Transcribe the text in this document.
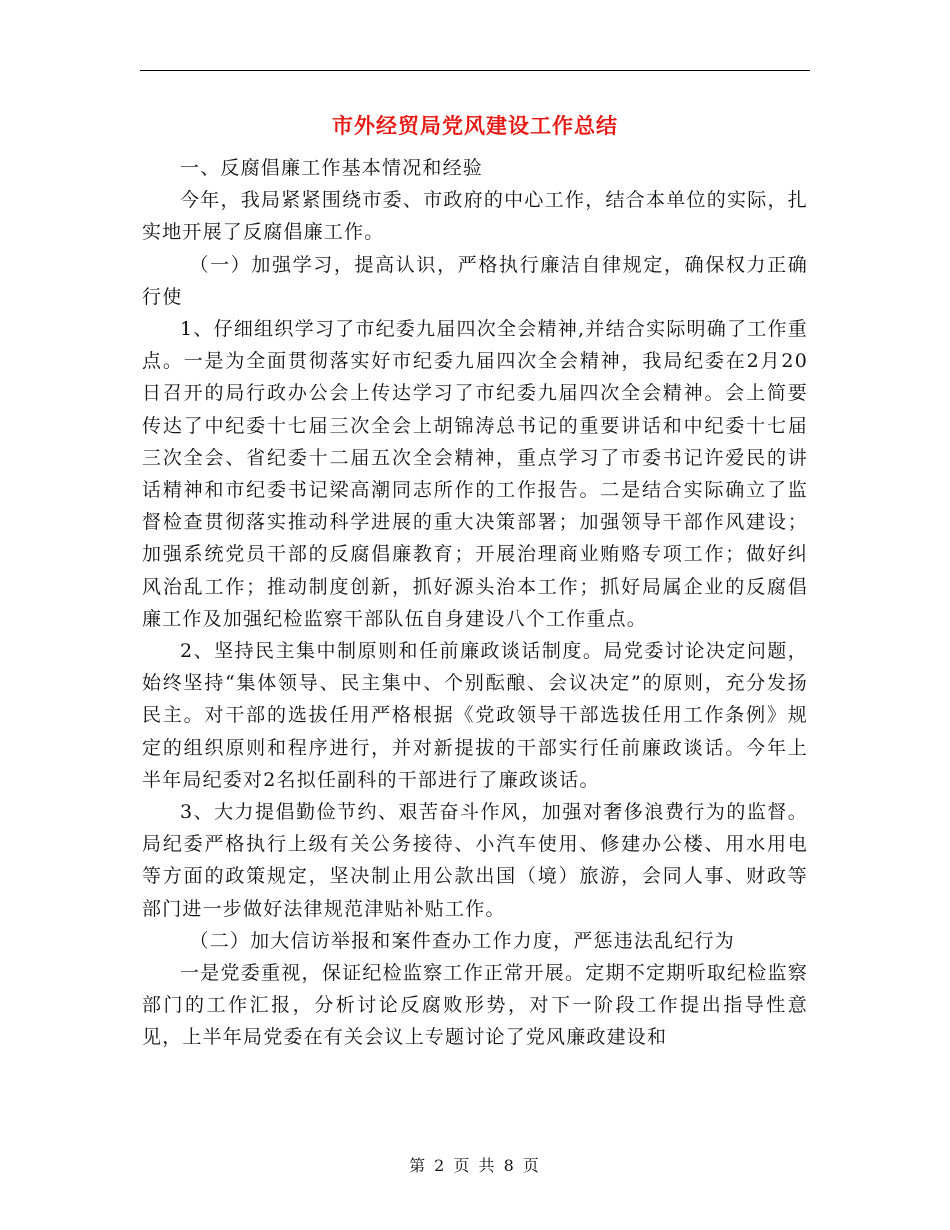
市外经贸局党风建设工作总结

一、反腐倡廉工作基本情况和经验

今年，我局紧紧围绕市委、市政府的中心工作，结合本单位的实际，扎实地开展了反腐倡廉工作。

（一）加强学习，提高认识，严格执行廉洁自律规定，确保权力正确行使

1、仔细组织学习了市纪委九届四次全会精神,并结合实际明确了工作重点。一是为全面贯彻落实好市纪委九届四次全会精神，我局纪委在2月20日召开的局行政办公会上传达学习了市纪委九届四次全会精神。会上简要传达了中纪委十七届三次全会上胡锦涛总书记的重要讲话和中纪委十七届三次全会、省纪委十二届五次全会精神，重点学习了市委书记许爱民的讲话精神和市纪委书记梁高潮同志所作的工作报告。二是结合实际确立了监督检查贯彻落实推动科学进展的重大决策部署；加强领导干部作风建设；加强系统党员干部的反腐倡廉教育；开展治理商业贿赂专项工作；做好纠风治乱工作；推动制度创新，抓好源头治本工作；抓好局属企业的反腐倡廉工作及加强纪检监察干部队伍自身建设八个工作重点。

2、坚持民主集中制原则和任前廉政谈话制度。局党委讨论决定问题，始终坚持“集体领导、民主集中、个别酝酿、会议决定”的原则，充分发扬民主。对干部的选拔任用严格根据《党政领导干部选拔任用工作条例》规定的组织原则和程序进行，并对新提拔的干部实行任前廉政谈话。今年上半年局纪委对2名拟任副科的干部进行了廉政谈话。

3、大力提倡勤俭节约、艰苦奋斗作风，加强对奢侈浪费行为的监督。局纪委严格执行上级有关公务接待、小汽车使用、修建办公楼、用水用电等方面的政策规定，坚决制止用公款出国（境）旅游，会同人事、财政等部门进一步做好法律规范津贴补贴工作。

（二）加大信访举报和案件查办工作力度，严惩违法乱纪行为

一是党委重视，保证纪检监察工作正常开展。定期不定期听取纪检监察部门的工作汇报，分析讨论反腐败形势，对下一阶段工作提出指导性意见，上半年局党委在有关会议上专题讨论了党风廉政建设和

第 2 页 共 8 页
